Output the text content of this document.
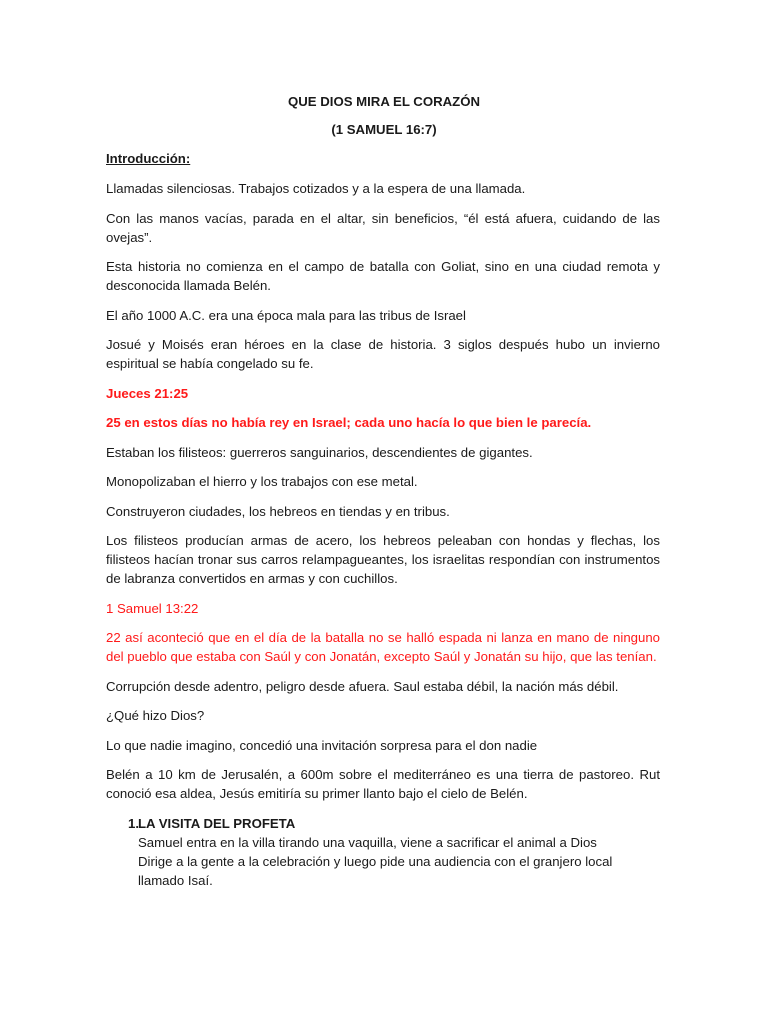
QUE DIOS MIRA EL CORAZÓN
(1 SAMUEL 16:7)
Introducción:

Llamadas silenciosas. Trabajos cotizados y a la espera de una llamada.

Con las manos vacías, parada en el altar, sin beneficios, “él está afuera, cuidando de las ovejas”.

Esta historia no comienza en el campo de batalla con Goliat, sino en una ciudad remota y desconocida llamada Belén.

El año 1000 A.C. era una época mala para las tribus de Israel

Josué y Moisés eran héroes en la clase de historia. 3 siglos después hubo un invierno espiritual se había congelado su fe.

Jueces 21:25

25 en estos días no había rey en Israel; cada uno hacía lo que bien le parecía.

Estaban los filisteos: guerreros sanguinarios, descendientes de gigantes.

Monopolizaban el hierro y los trabajos con ese metal.

Construyeron ciudades, los hebreos en tiendas y en tribus.

Los filisteos producían armas de acero, los hebreos peleaban con hondas y flechas, los filisteos hacían tronar sus carros relampagueantes, los israelitas respondían con instrumentos de labranza convertidos en armas y con cuchillos.

1 Samuel 13:22

22 así aconteció que en el día de la batalla no se halló espada ni lanza en mano de ninguno del pueblo que estaba con Saúl y con Jonatán, excepto Saúl y Jonatán su hijo, que las tenían.

Corrupción desde adentro, peligro desde afuera. Saul estaba débil, la nación más débil.

¿Qué hizo Dios?

Lo que nadie imagino, concedió una invitación sorpresa para el don nadie

Belén a 10 km de Jerusalén, a 600m sobre el mediterráneo es una tierra de pastoreo. Rut conoció esa aldea, Jesús emitiría su primer llanto bajo el cielo de Belén.

1. LA VISITA DEL PROFETA
Samuel entra en la villa tirando una vaquilla, viene a sacrificar el animal a Dios
Dirige a la gente a la celebración y luego pide una audiencia con el granjero local llamado Isaí.
